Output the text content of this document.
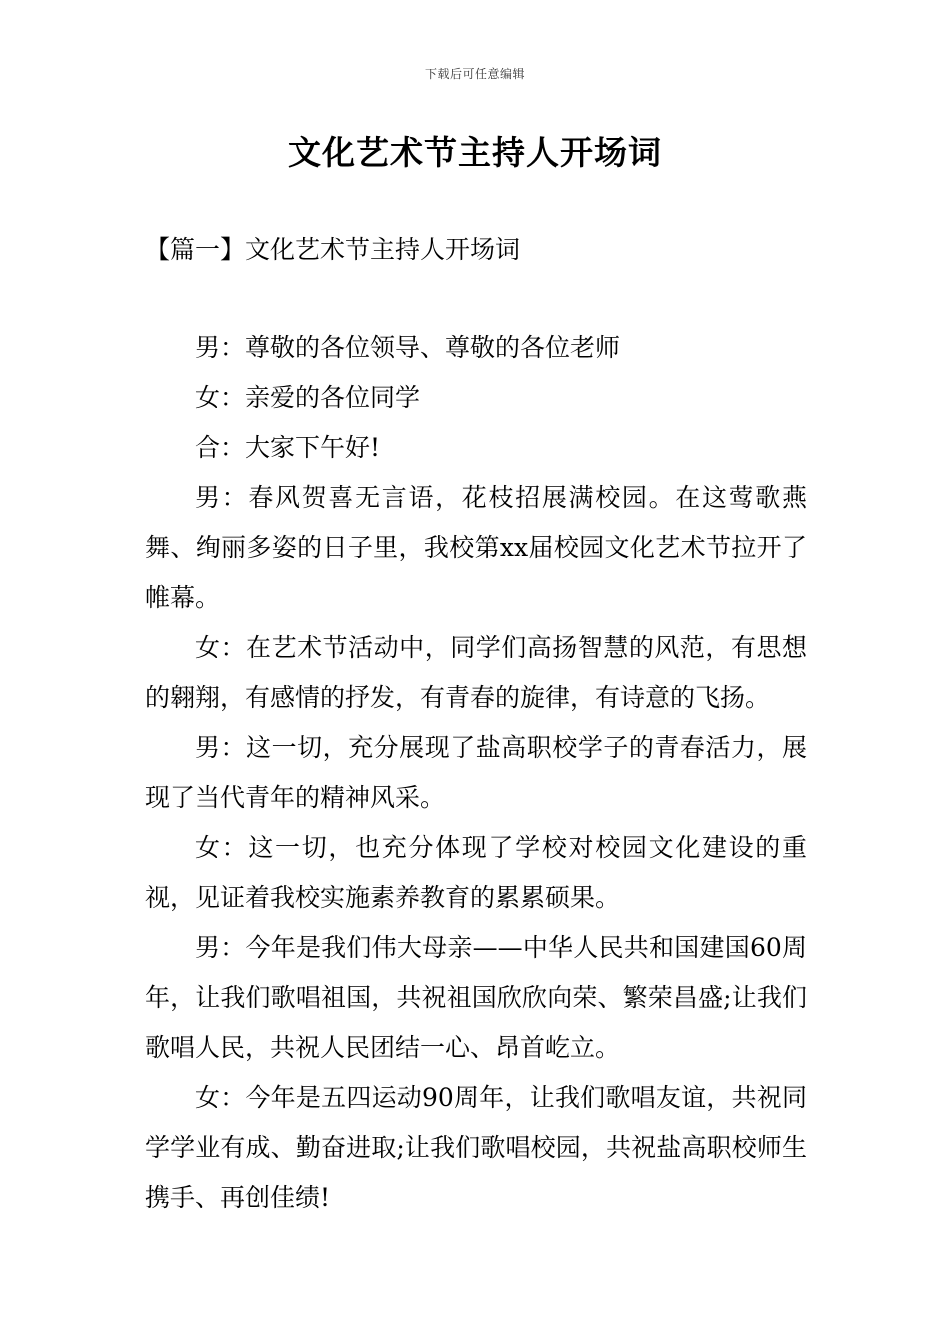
下载后可任意编辑
文化艺术节主持人开场词
【篇一】文化艺术节主持人开场词

男：尊敬的各位领导、尊敬的各位老师

女：亲爱的各位同学

合：大家下午好!

男：春风贺喜无言语，花枝招展满校园。在这莺歌燕舞、绚丽多姿的日子里，我校第xx届校园文化艺术节拉开了帷幕。

女：在艺术节活动中，同学们高扬智慧的风范，有思想的翱翔，有感情的抒发，有青春的旋律，有诗意的飞扬。

男：这一切，充分展现了盐高职校学子的青春活力，展现了当代青年的精神风采。

女：这一切，也充分体现了学校对校园文化建设的重视，见证着我校实施素养教育的累累硕果。

男：今年是我们伟大母亲——中华人民共和国建国60周年，让我们歌唱祖国，共祝祖国欣欣向荣、繁荣昌盛;让我们歌唱人民，共祝人民团结一心、昂首屹立。

女：今年是五四运动90周年，让我们歌唱友谊，共祝同学学业有成、勤奋进取;让我们歌唱校园，共祝盐高职校师生携手、再创佳绩!
